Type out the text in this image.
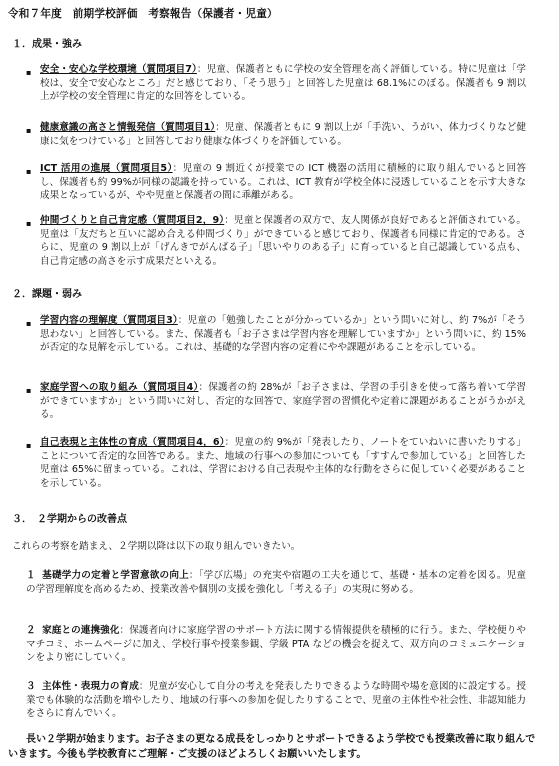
令和７年度　前期学校評価　考察報告（保護者・児童）
１．成果・強み
▪ 安全・安心な学校環境（質問項目7）：児童、保護者ともに学校の安全管理を高く評価している。特に児童は「学校は、安全で安心なところ」だと感じており、「そう思う」と回答した児童は 68.1%にのぼる。保護者も 9 割以上が学校の安全管理に肯定的な回答をしている。
▪ 健康意識の高さと情報発信（質問項目1）：児童、保護者ともに 9 割以上が「手洗い、うがい、体力づくりなど健康に気をつけている」と回答しており健康な体づくりを評価している。
▪ ICT 活用の進展（質問項目5）：児童の 9 割近くが授業での ICT 機器の活用に積極的に取り組んでいると回答し、保護者も約 99%が同様の認識を持っている。これは、ICT 教育が学校全体に浸透していることを示す大きな成果となっているが、やや児童と保護者の間に乖離がある。
▪ 仲間づくりと自己肯定感（質問項目2，9）：児童と保護者の双方で、友人関係が良好であると評価されている。児童は「友だちと互いに認め合える仲間づくり」ができていると感じており、保護者も同様に肯定的である。さらに、児童の 9 割以上が「げんきでがんばる子」「思いやりのある子」に育っていると自己認識している点も、自己肯定感の高さを示す成果だといえる。
２．課題・弱み
▪ 学習内容の理解度（質問項目3）：児童の「勉強したことが分かっているか」という問いに対し、約 7%が「そう思わない」と回答している。また、保護者も「お子さまは学習内容を理解していますか」という問いに、約 15%が否定的な見解を示している。これは、基礎的な学習内容の定着にやや課題があることを示している。
▪ 家庭学習への取り組み（質問項目4）：保護者の約 28%が「お子さまは、学習の手引きを使って落ち着いて学習ができていますか」という問いに対し、否定的な回答で、家庭学習の習慣化や定着に課題があることがうかがえる。
▪ 自己表現と主体性の育成（質問項目4，6）：児童の約 9%が「発表したり、ノートをていねいに書いたりする」ことについて否定的な回答である。また、地域の行事への参加についても「すすんで参加している」と回答した児童は 65%に留まっている。これは、学習における自己表現や主体的な行動をさらに促していく必要があることを示している。
３．　２学期からの改善点
これらの考察を踏まえ、２学期以降は以下の取り組んでいきたい。
１ 基礎学力の定着と学習意欲の向上：「学び広場」の充実や宿題の工夫を通じて、基礎・基本の定着を図る。児童の学習理解度を高めるため、授業改善や個別の支援を強化し「考える子」の実現に努める。
２ 家庭との連携強化：保護者向けに家庭学習のサポート方法に関する情報提供を積極的に行う。また、学校便りやマチコミ、ホームページに加え、学校行事や授業参観、学級 PTA などの機会を捉えて、双方向のコミュニケーションをより密にしていく。
３ 主体性・表現力の育成：児童が安心して自分の考えを発表したりできるような時間や場を意図的に設定する。授業でも体験的な活動を増やしたり、地域の行事への参加を促したりすることで、児童の主体性や社会性、非認知能力をさらに育んでいく。
長い２学期が始まります。お子さまの更なる成長をしっかりとサポートできるよう学校でも授業改善に取り組んでいきます。今後も学校教育にご理解・ご支援のほどよろしくお願いいたします。
